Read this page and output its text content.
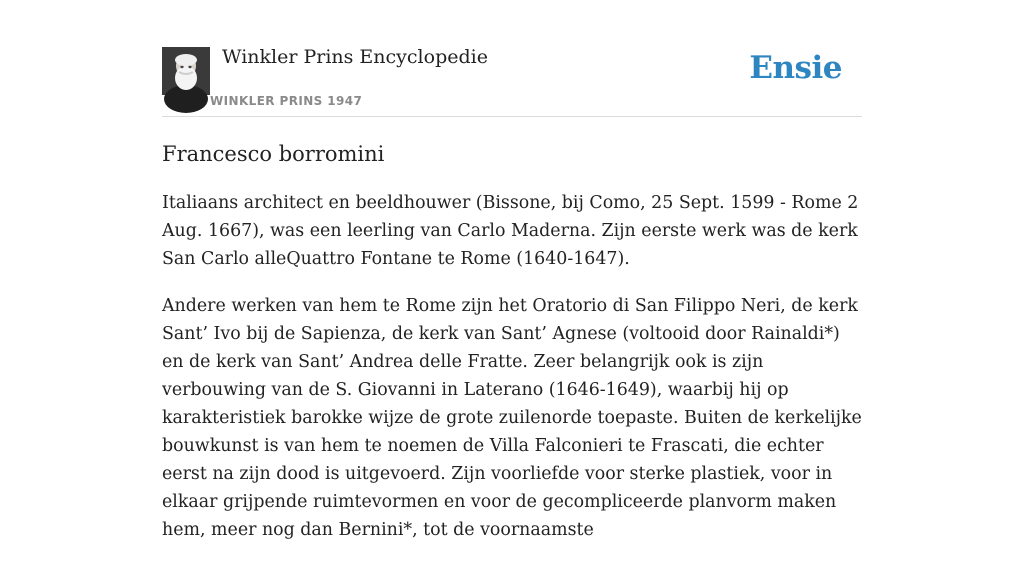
Winkler Prins Encyclopedie
WINKLER PRINS 1947
Ensie
Francesco borromini

Italiaans architect en beeldhouwer (Bissone, bij Como, 25 Sept. 1599 - Rome 2 Aug. 1667), was een leerling van Carlo Maderna. Zijn eerste werk was de kerk San Carlo alleQuattro Fontane te Rome (1640-1647).

Andere werken van hem te Rome zijn het Oratorio di San Filippo Neri, de kerk Sant’ Ivo bij de Sapienza, de kerk van Sant’ Agnese (voltooid door Rainaldi*) en de kerk van Sant’ Andrea delle Fratte. Zeer belangrijk ook is zijn verbouwing van de S. Giovanni in Laterano (1646-1649), waarbij hij op karakteristiek barokke wijze de grote zuilenorde toepaste. Buiten de kerkelijke bouwkunst is van hem te noemen de Villa Falconieri te Frascati, die echter eerst na zijn dood is uitgevoerd. Zijn voorliefde voor sterke plastiek, voor in elkaar grijpende ruimtevormen en voor de gecompliceerde planvorm maken hem, meer nog dan Bernini*, tot de voornaamste
